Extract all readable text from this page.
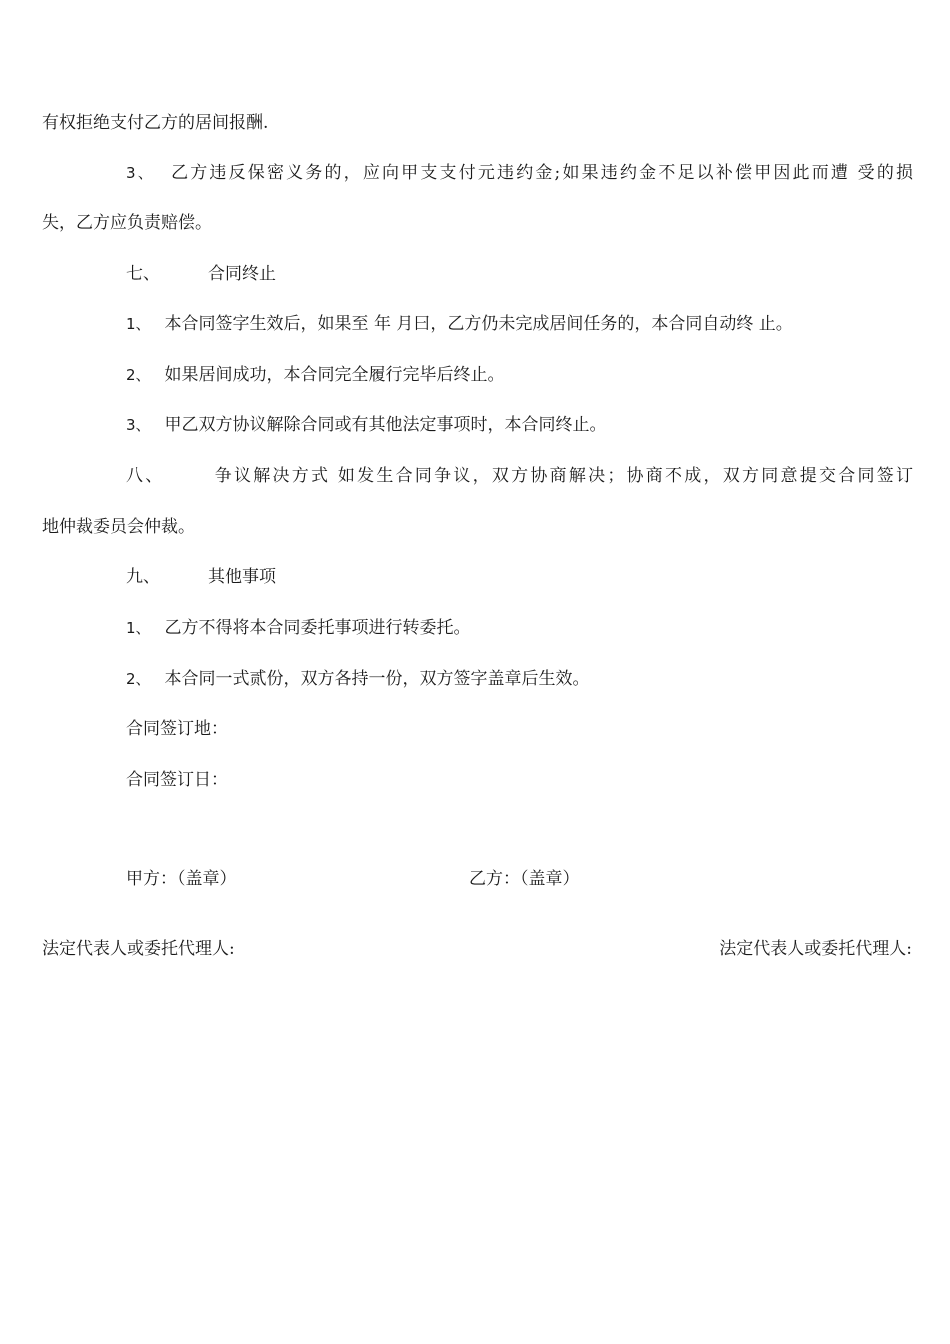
有权拒绝支付乙方的居间报酬.
3、 乙方违反保密义务的，应向甲支支付元违约金;如果违约金不足以补偿甲因此而遭 受的损
失，乙方应负责赔偿。
七、	合同终止
1、 本合同签字生效后，如果至 年 月曰，乙方仍未完成居间任务的，本合同自动终 止。
2、 如果居间成功，本合同完全履行完毕后终止。
3、 甲乙双方协议解除合同或有其他法定事项时，本合同终止。
八、	争议解决方式 如发生合同争议，双方协商解决；协商不成，双方同意提交合同签订
地仲裁委员会仲裁。
九、	其他事项
1、 乙方不得将本合同委托事项进行转委托。
2、 本合同一式贰份，双方各持一份，双方签字盖章后生效。
合同签订地：
合同签订日：
甲方：（盖章）	乙方：（盖章）
法定代表人或委托代理人:	法定代表人或委托代理人:
